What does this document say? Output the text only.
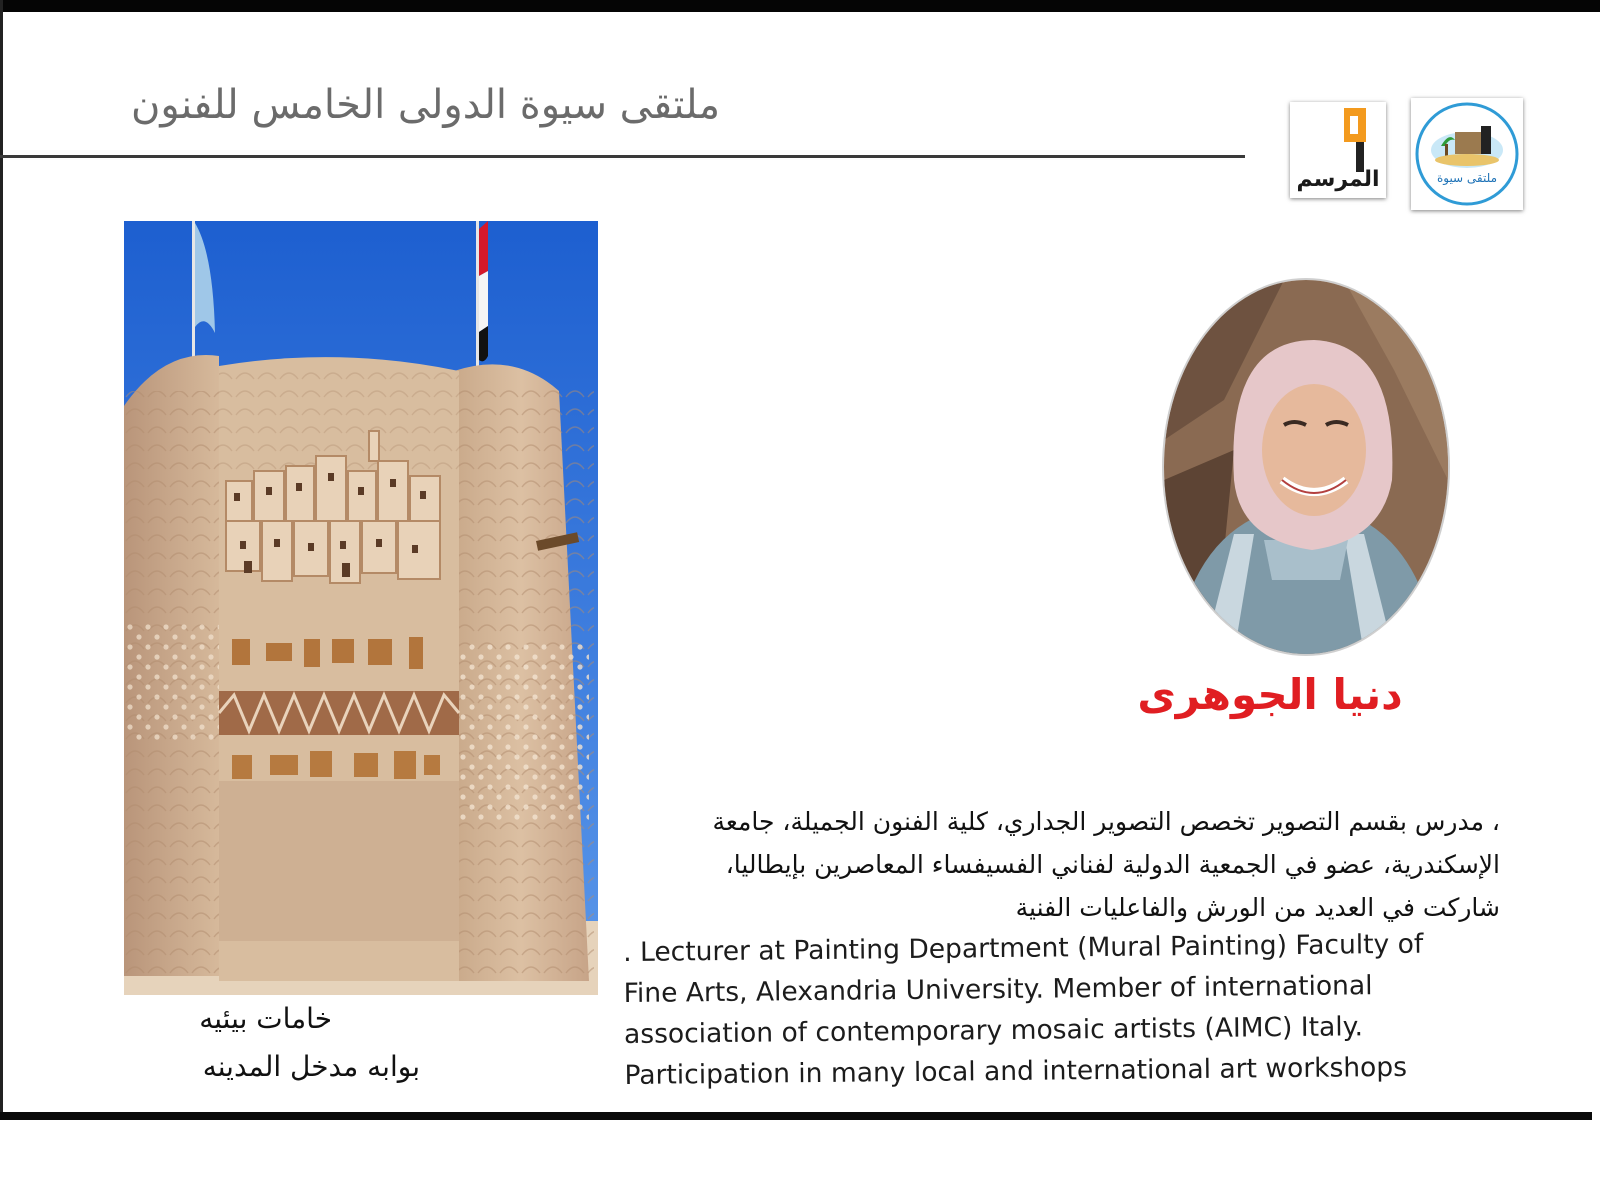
ملتقى سيوة الدولى الخامس للفنون
المرسم	ملتقى سيوة
خامات بيئيه
بوابه مدخل المدينه
دنيا الجوهرى
، مدرس بقسم التصوير تخصص التصوير الجداري، كلية الفنون الجميلة، جامعة
الإسكندرية، عضو في الجمعية الدولية لفناني الفسيفساء المعاصرين بإيطاليا،
شاركت في العديد من الورش والفاعليات الفنية
. Lecturer at Painting Department (Mural Painting) Faculty of
Fine Arts, Alexandria University. Member of international
association of contemporary mosaic artists (AIMC) Italy.
Participation in many local and international art workshops
